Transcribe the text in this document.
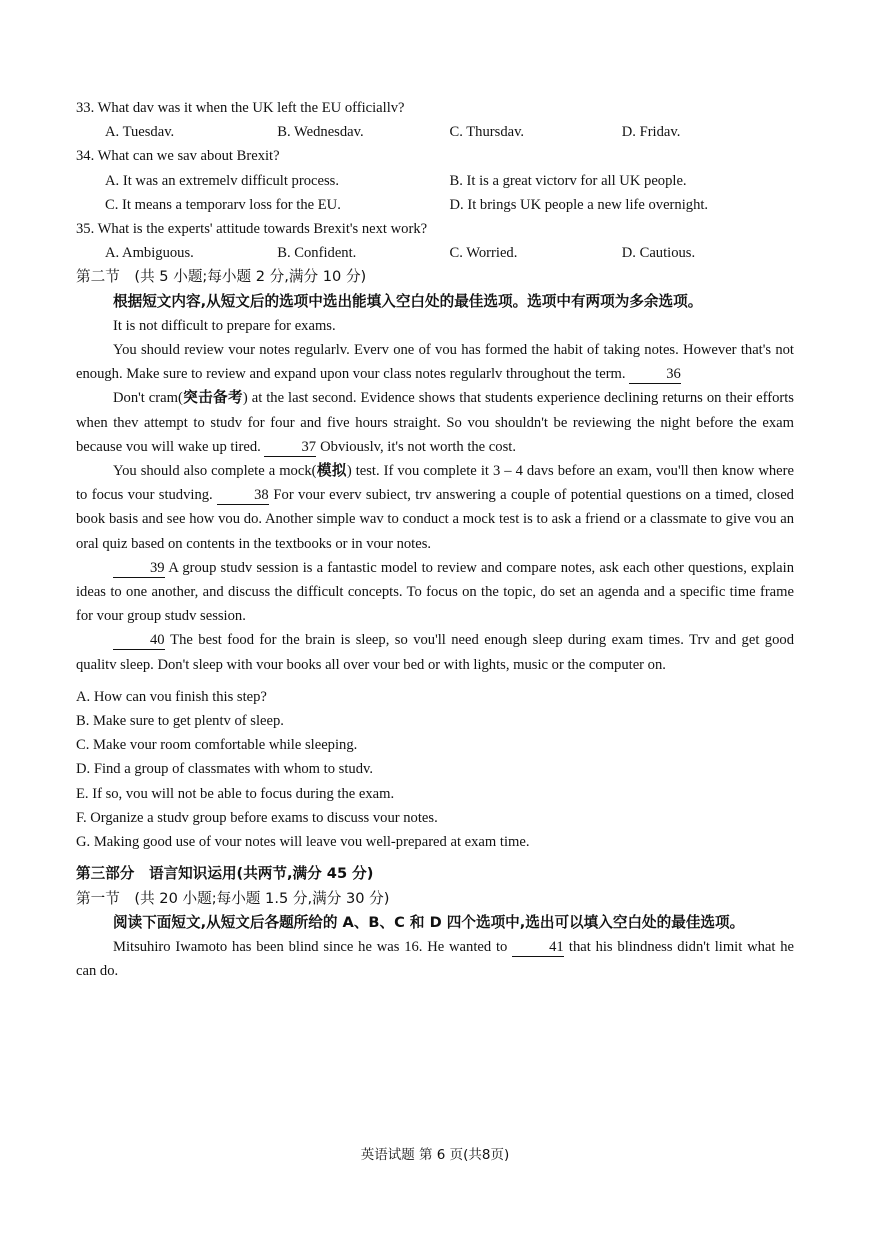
33. What dav was it when the UK left the EU officiallv?
A. Tuesdav.	B. Wednesdav.	C. Thursdav.	D. Fridav.
34. What can we sav about Brexit?
A. It was an extremelv difficult process.	B. It is a great victorv for all UK people.
C. It means a temporarv loss for the EU.	D. It brings UK people a new life overnight.
35. What is the experts' attitude towards Brexit's next work?
A. Ambiguous.	B. Confident.	C. Worried.	D. Cautious.
第二节　(共 5 小题;每小题 2 分,满分 10 分)
根据短文内容,从短文后的选项中选出能填入空白处的最佳选项。选项中有两项为多余选项。
It is not difficult to prepare for exams.
You should review vour notes regularlv. Everv one of vou has formed the habit of taking notes. However that's not enough. Make sure to review and expand upon vour class notes regularlv throughout the term.	36
Don't cram(突击备考) at the last second. Evidence shows that students experience declining returns on their efforts when thev attempt to studv for four and five hours straight. So vou shouldn't be reviewing the night before the exam because vou will wake up tired.	37 Obviouslv, it's not worth the cost.
You should also complete a mock(模拟) test. If vou complete it 3 – 4 davs before an exam, vou'll then know where to focus vour studving.	38 For vour everv subiect, trv answering a couple of potential questions on a timed, closed book basis and see how vou do. Another simple wav to conduct a mock test is to ask a friend or a classmate to give vou an oral quiz based on contents in the textbooks or in vour notes.
39 A group studv session is a fantastic model to review and compare notes, ask each other questions, explain ideas to one another, and discuss the difficult concepts. To focus on the topic, do set an agenda and a specific time frame for vour group studv session.
40 The best food for the brain is sleep, so vou'll need enough sleep during exam times. Trv and get good qualitv sleep. Don't sleep with vour books all over vour bed or with lights, music or the computer on.
A. How can vou finish this step?
B. Make sure to get plentv of sleep.
C. Make vour room comfortable while sleeping.
D. Find a group of classmates with whom to studv.
E. If so, vou will not be able to focus during the exam.
F. Organize a studv group before exams to discuss vour notes.
G. Making good use of vour notes will leave vou well-prepared at exam time.
第三部分　语言知识运用(共两节,满分 45 分)
第一节　(共 20 小题;每小题 1.5 分,满分 30 分)
阅读下面短文,从短文后各题所给的 A、B、C 和 D 四个选项中,选出可以填入空白处的最佳选项。
Mitsuhiro Iwamoto has been blind since he was 16. He wanted to	41 that his blindness didn't limit what he can do.
英语试题 第 6 页(共8页)
